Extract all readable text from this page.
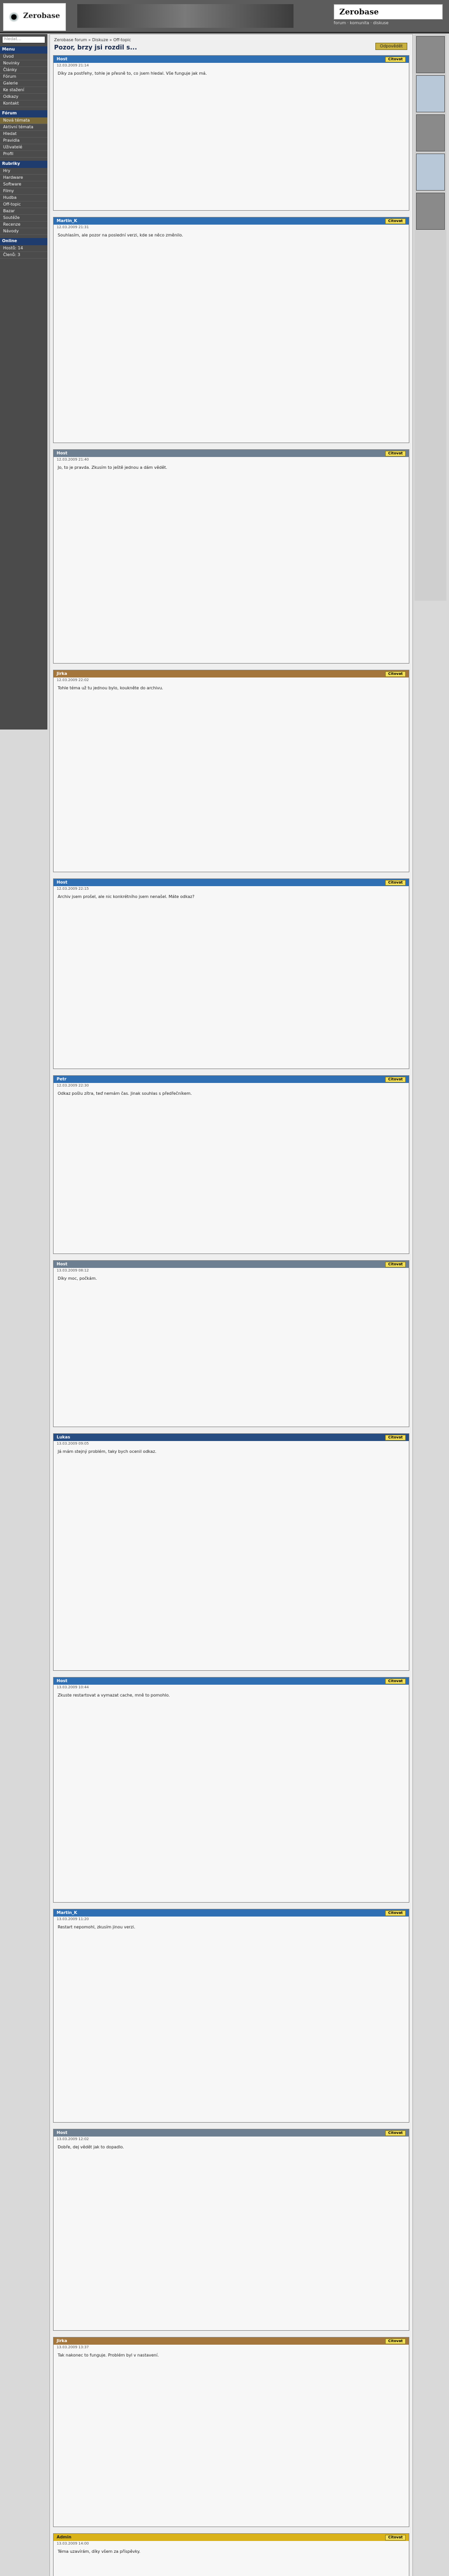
Zerobase	Zerobase
forum · komunita · diskuse
hledat…
Menu
Úvod
Novinky
Články
Fórum
Galerie
Ke stažení
Odkazy
Kontakt
Fórum
Nová témata
Aktivní témata
Hledat
Pravidla
Uživatelé
Profil
Rubriky
Hry
Hardware
Software
Filmy
Hudba
Off-topic
Bazar
Soutěže
Recenze
Návody
Online
Hostů: 14
Členů: 3
Zerobase forum » Diskuze » Off-topic
Pozor, brzy jsi rozdil s...	Odpovědět
Host	Citovat
12.03.2009 21:14
Díky za postřehy, tohle je přesně to, co jsem hledal. Vše funguje jak má.
Martin_K	Citovat
12.03.2009 21:31
Souhlasím, ale pozor na poslední verzi, kde se něco změnilo.
Host	Citovat
12.03.2009 21:40
Jo, to je pravda. Zkusím to ještě jednou a dám vědět.
Jirka	Citovat
12.03.2009 22:02
Tohle téma už tu jednou bylo, koukněte do archivu.
Host	Citovat
12.03.2009 22:15
Archiv jsem prošel, ale nic konkrétního jsem nenašel. Máte odkaz?
Petr	Citovat
12.03.2009 22:30
Odkaz pošlu zítra, teď nemám čas. Jinak souhlas s předřečníkem.
Host	Citovat
13.03.2009 08:12
Díky moc, počkám.
Lukas	Citovat
13.03.2009 09:05
Já mám stejný problém, taky bych ocenil odkaz.
Host	Citovat
13.03.2009 10:44
Zkuste restartovat a vymazat cache, mně to pomohlo.
Martin_K	Citovat
13.03.2009 11:20
Restart nepomohl, zkusím jinou verzi.
Host	Citovat
13.03.2009 12:02
Dobře, dej vědět jak to dopadlo.
Jirka	Citovat
13.03.2009 13:37
Tak nakonec to funguje. Problém byl v nastavení.
Admin	Citovat
13.03.2009 14:00
Téma uzavírám, díky všem za příspěvky.
